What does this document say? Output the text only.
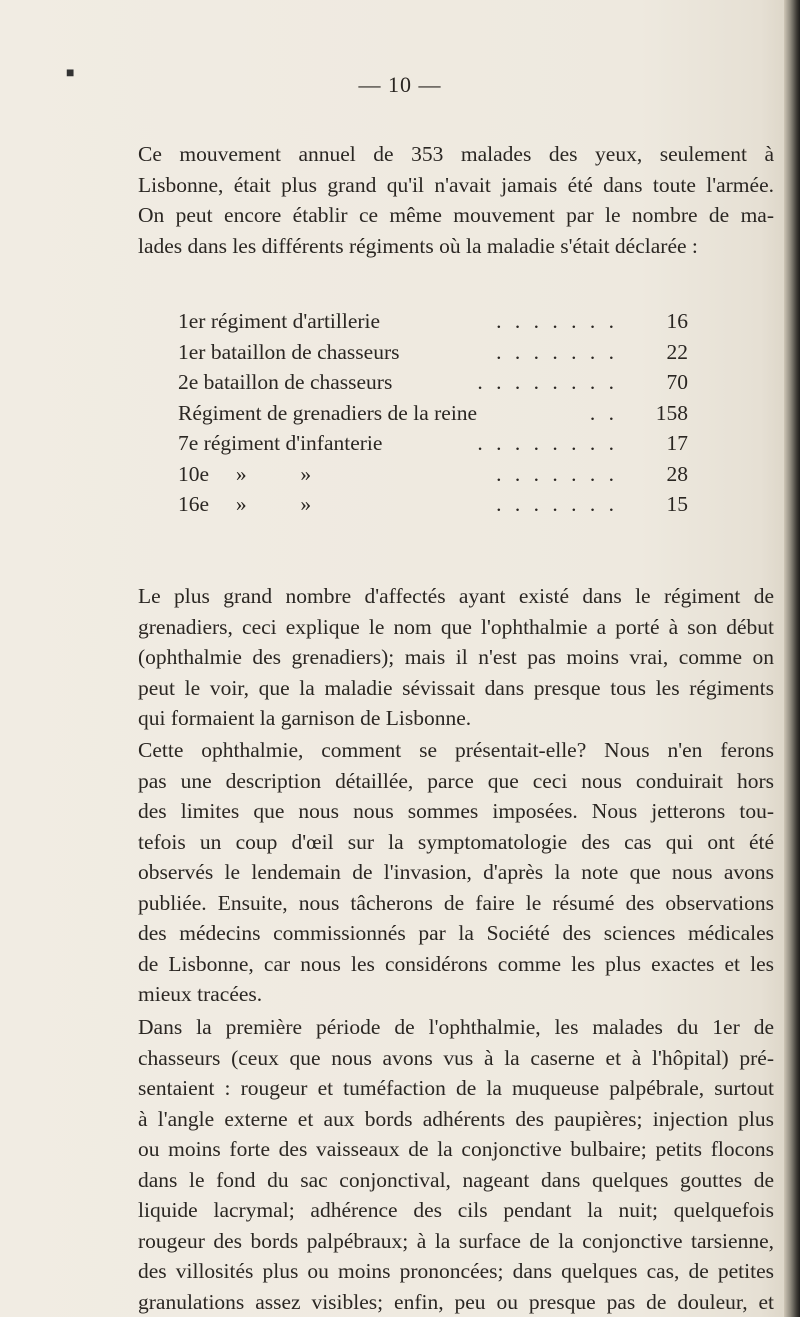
■	— 10 —
Ce mouvement annuel de 353 malades des yeux, seulement à
Lisbonne, était plus grand qu'il n'avait jamais été dans toute l'armée.
On peut encore établir ce même mouvement par le nombre de ma-
lades dans les différents régiments où la maladie s'était déclarée :
1er régiment d'artillerie	. . . . . . .	16
1er bataillon de chasseurs	. . . . . . .	22
2e bataillon de chasseurs	. . . . . . . .	70
Régiment de grenadiers de la reine	. .	158
7e régiment d'infanterie	. . . . . . . .	17
10e     »          »	. . . . . . .	28
16e     »          »	. . . . . . .	15
Le plus grand nombre d'affectés ayant existé dans le régiment de
grenadiers, ceci explique le nom que l'ophthalmie a porté à son début
(ophthalmie des grenadiers); mais il n'est pas moins vrai, comme on
peut le voir, que la maladie sévissait dans presque tous les régiments
qui formaient la garnison de Lisbonne.
Cette ophthalmie, comment se présentait-elle? Nous n'en ferons
pas une description détaillée, parce que ceci nous conduirait hors
des limites que nous nous sommes imposées. Nous jetterons tou-
tefois un coup d'œil sur la symptomatologie des cas qui ont été
observés le lendemain de l'invasion, d'après la note que nous avons
publiée. Ensuite, nous tâcherons de faire le résumé des observations
des médecins commissionnés par la Société des sciences médicales
de Lisbonne, car nous les considérons comme les plus exactes et les
mieux tracées.
Dans la première période de l'ophthalmie, les malades du 1er de
chasseurs (ceux que nous avons vus à la caserne et à l'hôpital) pré-
sentaient : rougeur et tuméfaction de la muqueuse palpébrale, surtout
à l'angle externe et aux bords adhérents des paupières; injection plus
ou moins forte des vaisseaux de la conjonctive bulbaire; petits flocons
dans le fond du sac conjonctival, nageant dans quelques gouttes de
liquide lacrymal; adhérence des cils pendant la nuit; quelquefois
rougeur des bords palpébraux; à la surface de la conjonctive tarsienne,
des villosités plus ou moins prononcées; dans quelques cas, de petites
granulations assez visibles; enfin, peu ou presque pas de douleur, et
